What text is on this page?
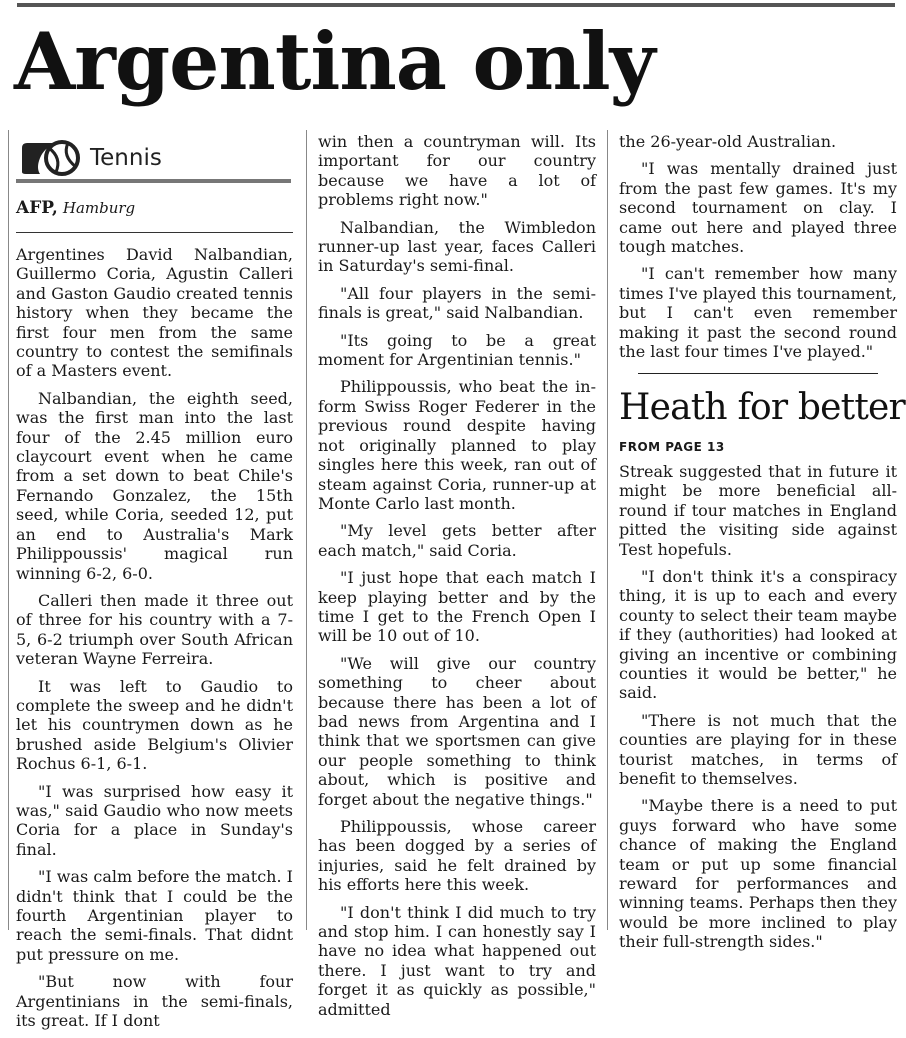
Argentina only
Tennis
AFP, Hamburg

Argentines David Nalbandian, Guillermo Coria, Agustin Calleri and Gaston Gaudio created tennis history when they became the first four men from the same country to contest the semifinals of a Masters event.

Nalbandian, the eighth seed, was the first man into the last four of the 2.45 million euro claycourt event when he came from a set down to beat Chile's Fernando Gonzalez, the 15th seed, while Coria, seeded 12, put an end to Australia's Mark Philippoussis' magical run winning 6-2, 6-0.

Calleri then made it three out of three for his country with a 7-5, 6-2 triumph over South African veteran Wayne Ferreira.

It was left to Gaudio to complete the sweep and he didn't let his countrymen down as he brushed aside Belgium's Olivier Rochus 6-1, 6-1.

"I was surprised how easy it was," said Gaudio who now meets Coria for a place in Sunday's final.

"I was calm before the match. I didn't think that I could be the fourth Argentinian player to reach the semi-finals. That didnt put pressure on me.

"But now with four Argentinians in the semi-finals, its great. If I dont

win then a countryman will. Its important for our country because we have a lot of problems right now."

Nalbandian, the Wimbledon runner-up last year, faces Calleri in Saturday's semi-final.

"All four players in the semi-finals is great," said Nalbandian.

"Its going to be a great moment for Argentinian tennis."

Philippoussis, who beat the in-form Swiss Roger Federer in the previous round despite having not originally planned to play singles here this week, ran out of steam against Coria, runner-up at Monte Carlo last month.

"My level gets better after each match," said Coria.

"I just hope that each match I keep playing better and by the time I get to the French Open I will be 10 out of 10.

"We will give our country something to cheer about because there has been a lot of bad news from Argentina and I think that we sportsmen can give our people something to think about, which is positive and forget about the negative things."

Philippoussis, whose career has been dogged by a series of injuries, said he felt drained by his efforts here this week.

"I don't think I did much to try and stop him. I can honestly say I have no idea what happened out there. I just want to try and forget it as quickly as possible," admitted

the 26-year-old Australian.

"I was mentally drained just from the past few games. It's my second tournament on clay. I came out here and played three tough matches.

"I can't remember how many times I've played this tournament, but I can't even remember making it past the second round the last four times I've played."

Heath for better
FROM PAGE 13

Streak suggested that in future it might be more beneficial all-round if tour matches in England pitted the visiting side against Test hopefuls.

"I don't think it's a conspiracy thing, it is up to each and every county to select their team maybe if they (authorities) had looked at giving an incentive or combining counties it would be better," he said.

"There is not much that the counties are playing for in these tourist matches, in terms of benefit to themselves.

"Maybe there is a need to put guys forward who have some chance of making the England team or put up some financial reward for performances and winning teams. Perhaps then they would be more inclined to play their full-strength sides."
